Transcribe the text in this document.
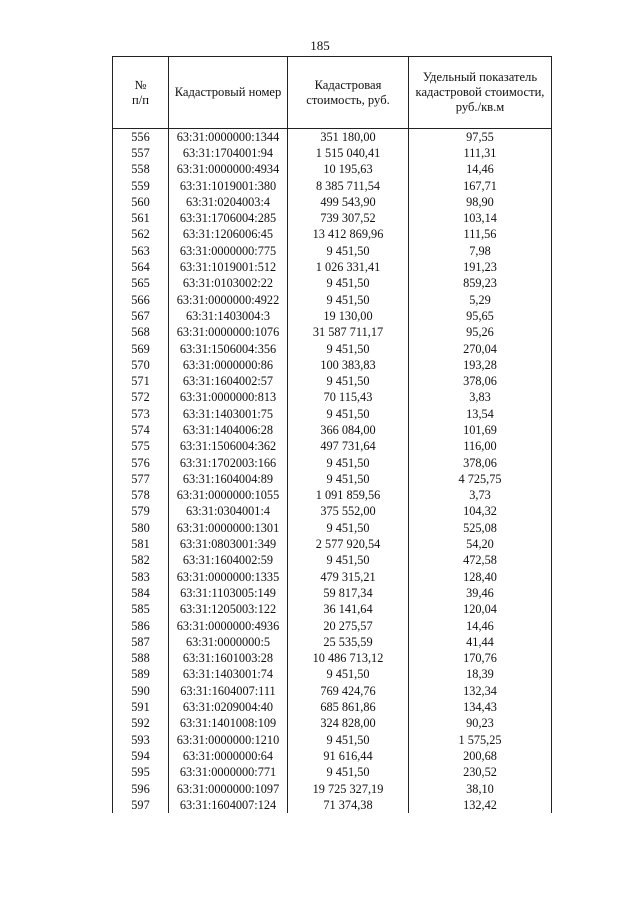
185
№
п/п	Кадастровый номер	Кадастровая стоимость, руб.	Удельный показатель кадастровой стоимости, руб./кв.м
556	63:31:0000000:1344	351 180,00	97,55
557	63:31:1704001:94	1 515 040,41	111,31
558	63:31:0000000:4934	10 195,63	14,46
559	63:31:1019001:380	8 385 711,54	167,71
560	63:31:0204003:4	499 543,90	98,90
561	63:31:1706004:285	739 307,52	103,14
562	63:31:1206006:45	13 412 869,96	111,56
563	63:31:0000000:775	9 451,50	7,98
564	63:31:1019001:512	1 026 331,41	191,23
565	63:31:0103002:22	9 451,50	859,23
566	63:31:0000000:4922	9 451,50	5,29
567	63:31:1403004:3	19 130,00	95,65
568	63:31:0000000:1076	31 587 711,17	95,26
569	63:31:1506004:356	9 451,50	270,04
570	63:31:0000000:86	100 383,83	193,28
571	63:31:1604002:57	9 451,50	378,06
572	63:31:0000000:813	70 115,43	3,83
573	63:31:1403001:75	9 451,50	13,54
574	63:31:1404006:28	366 084,00	101,69
575	63:31:1506004:362	497 731,64	116,00
576	63:31:1702003:166	9 451,50	378,06
577	63:31:1604004:89	9 451,50	4 725,75
578	63:31:0000000:1055	1 091 859,56	3,73
579	63:31:0304001:4	375 552,00	104,32
580	63:31:0000000:1301	9 451,50	525,08
581	63:31:0803001:349	2 577 920,54	54,20
582	63:31:1604002:59	9 451,50	472,58
583	63:31:0000000:1335	479 315,21	128,40
584	63:31:1103005:149	59 817,34	39,46
585	63:31:1205003:122	36 141,64	120,04
586	63:31:0000000:4936	20 275,57	14,46
587	63:31:0000000:5	25 535,59	41,44
588	63:31:1601003:28	10 486 713,12	170,76
589	63:31:1403001:74	9 451,50	18,39
590	63:31:1604007:111	769 424,76	132,34
591	63:31:0209004:40	685 861,86	134,43
592	63:31:1401008:109	324 828,00	90,23
593	63:31:0000000:1210	9 451,50	1 575,25
594	63:31:0000000:64	91 616,44	200,68
595	63:31:0000000:771	9 451,50	230,52
596	63:31:0000000:1097	19 725 327,19	38,10
597	63:31:1604007:124	71 374,38	132,42
